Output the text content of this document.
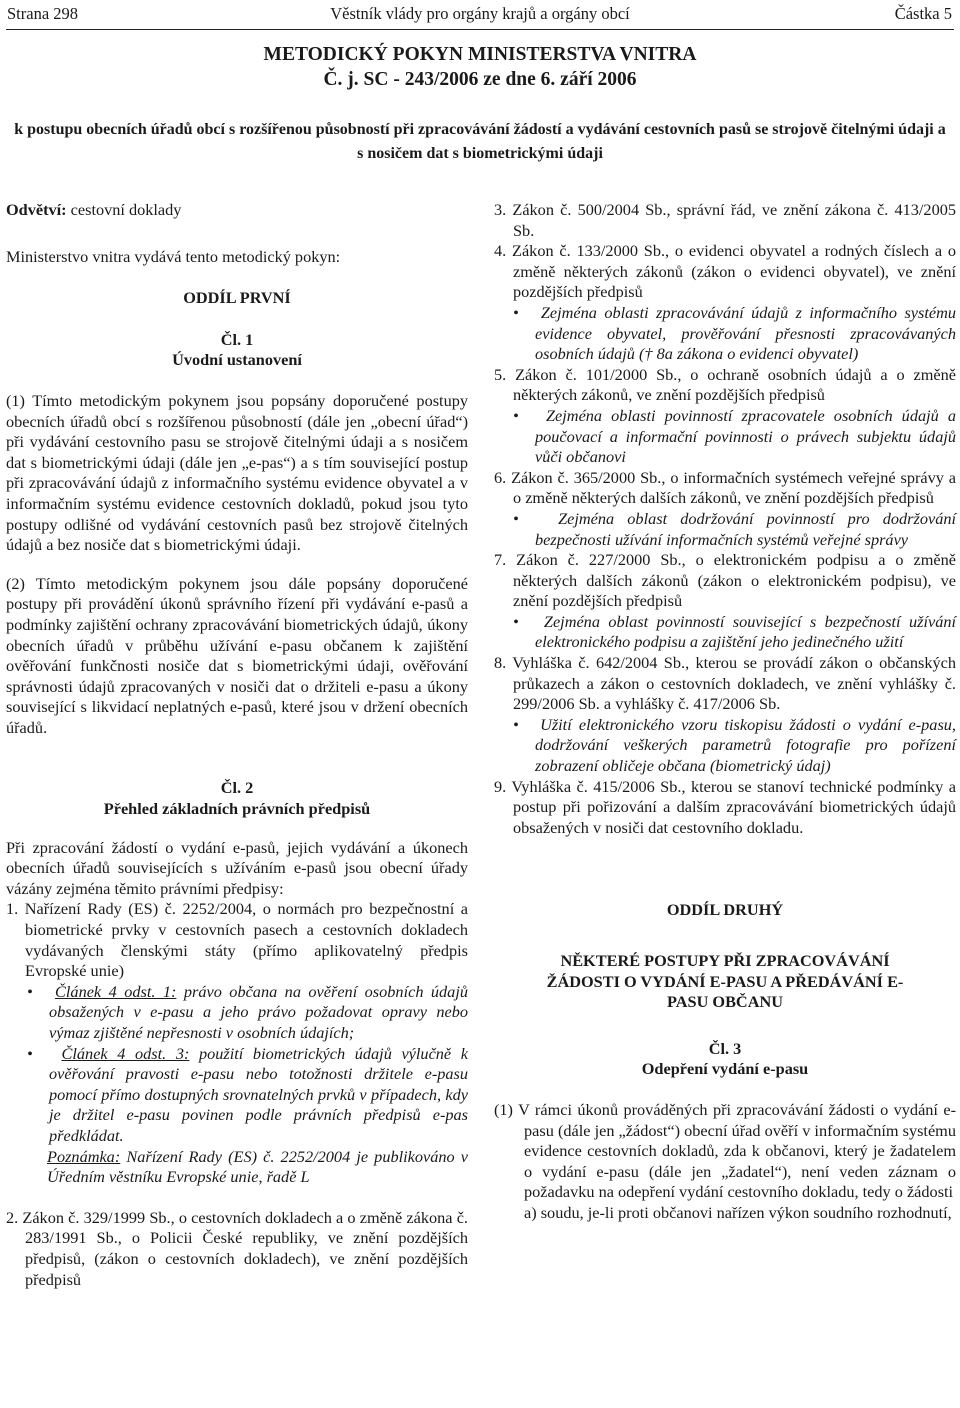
Strana 298	Věstník vlády pro orgány krajů a orgány obcí	Částka 5
METODICKÝ POKYN MINISTERSTVA VNITRA
Č. j. SC - 243/2006 ze dne 6. září 2006
k postupu obecních úřadů obcí s rozšířenou působností při zpracovávání žádostí a vydávání cestovních pasů se strojově čitelnými údaji a s nosičem dat s biometrickými údaji

Odvětví: cestovní doklady

Ministerstvo vnitra vydává tento metodický pokyn:

ODDÍL PRVNÍ

Čl. 1

Úvodní ustanovení

(1) Tímto metodickým pokynem jsou popsány doporučené postupy obecních úřadů obcí s rozšířenou působností (dále jen „obecní úřad“) při vydávání cestovního pasu se strojově čitelnými údaji a s nosičem dat s biometrickými údaji (dále jen „e-pas“) a s tím související postup při zpracovávání údajů z informačního systému evidence obyvatel a v informačním systému evidence cestovních dokladů, pokud jsou tyto postupy odlišné od vydávání cestovních pasů bez strojově čitelných údajů a bez nosiče dat s biometrickými údaji.

(2) Tímto metodickým pokynem jsou dále popsány doporučené postupy při provádění úkonů správního řízení při vydávání e-pasů a podmínky zajištění ochrany zpracovávání biometrických údajů, úkony obecních úřadů v průběhu užívání e-pasu občanem k zajištění ověřování funkčnosti nosiče dat s biometrickými údaji, ověřování správnosti údajů zpracovaných v nosiči dat o držiteli e-pasu a úkony související s likvidací neplatných e-pasů, které jsou v držení obecních úřadů.

Čl. 2

Přehled základních právních předpisů

Při zpracování žádostí o vydání e-pasů, jejich vydávání a úkonech obecních úřadů souvisejících s užíváním e-pasů jsou obecní úřady vázány zejména těmito právními předpisy:

1. Nařízení Rady (ES) č. 2252/2004, o normách pro bezpečnostní a biometrické prvky v cestovních pasech a cestovních dokladech vydávaných členskými státy (přímo aplikovatelný předpis Evropské unie)

• Článek 4 odst. 1: právo občana na ověření osobních údajů obsažených v e-pasu a jeho právo požadovat opravy nebo výmaz zjištěné nepřesnosti v osobních údajích;

• Článek 4 odst. 3: použití biometrických údajů výlučně k ověřování pravosti e-pasu nebo totožnosti držitele e-pasu pomocí přímo dostupných srovnatelných prvků v případech, kdy je držitel e-pasu povinen podle právních předpisů e-pas předkládat.

Poznámka: Nařízení Rady (ES) č. 2252/2004 je publikováno v Úředním věstníku Evropské unie, řadě L

2. Zákon č. 329/1999 Sb., o cestovních dokladech a o změně zákona č. 283/1991 Sb., o Policii České republiky, ve znění pozdějších předpisů, (zákon o cestovních dokladech), ve znění pozdějších předpisů

3. Zákon č. 500/2004 Sb., správní řád, ve znění zákona č. 413/2005 Sb.

4. Zákon č. 133/2000 Sb., o evidenci obyvatel a rodných číslech a o změně některých zákonů (zákon o evidenci obyvatel), ve znění pozdějších předpisů

• Zejména oblasti zpracovávání údajů z informačního systému evidence obyvatel, prověřování přesnosti zpracovávaných osobních údajů († 8a zákona o evidenci obyvatel)

5. Zákon č. 101/2000 Sb., o ochraně osobních údajů a o změně některých zákonů, ve znění pozdějších předpisů

• Zejména oblasti povinností zpracovatele osobních údajů a poučovací a informační povinnosti o právech subjektu údajů vůči občanovi

6. Zákon č. 365/2000 Sb., o informačních systémech veřejné správy a o změně některých dalších zákonů, ve znění pozdějších předpisů

• Zejména oblast dodržování povinností pro dodržování bezpečnosti užívání informačních systémů veřejné správy

7. Zákon č. 227/2000 Sb., o elektronickém podpisu a o změně některých dalších zákonů (zákon o elektronickém podpisu), ve znění pozdějších předpisů

• Zejména oblast povinností související s bezpečností užívání elektronického podpisu a zajištění jeho jedinečného užití

8. Vyhláška č. 642/2004 Sb., kterou se provádí zákon o občanských průkazech a zákon o cestovních dokladech, ve znění vyhlášky č. 299/2006 Sb. a vyhlášky č. 417/2006 Sb.

• Užití elektronického vzoru tiskopisu žádosti o vydání e-pasu, dodržování veškerých parametrů fotografie pro pořízení zobrazení obličeje občana (biometrický údaj)

9. Vyhláška č. 415/2006 Sb., kterou se stanoví technické podmínky a postup při pořizování a dalším zpracovávání biometrických údajů obsažených v nosiči dat cestovního dokladu.

ODDÍL DRUHÝ

NĚKTERÉ POSTUPY PŘI ZPRACOVÁVÁNÍ ŽÁDOSTI O VYDÁNÍ E-PASU A PŘEDÁVÁNÍ E-PASU OBČANU

Čl. 3

Odepření vydání e-pasu

(1) V rámci úkonů prováděných při zpracovávání žádosti o vydání e-pasu (dále jen „žádost“) obecní úřad ověří v informačním systému evidence cestovních dokladů, zda k občanovi, který je žadatelem o vydání e-pasu (dále jen „žadatel“), není veden záznam o požadavku na odepření vydání cestovního dokladu, tedy o žádosti

a) soudu, je-li proti občanovi nařízen výkon soudního rozhodnutí,
